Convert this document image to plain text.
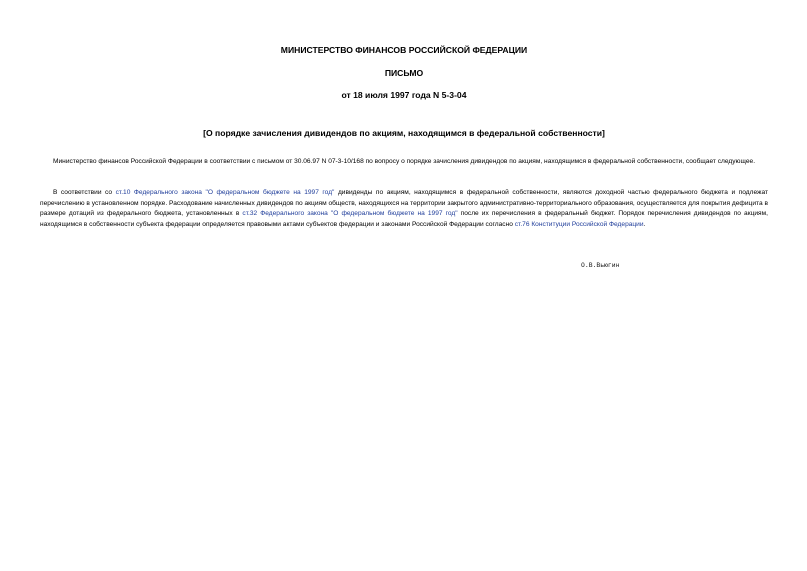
МИНИСТЕРСТВО ФИНАНСОВ РОССИЙСКОЙ ФЕДЕРАЦИИ
ПИСЬМО
от 18 июля 1997 года N 5-3-04
[О порядке зачисления дивидендов по акциям, находящимся в федеральной собственности]
Министерство финансов Российской Федерации в соответствии с письмом от 30.06.97 N 07-3-10/168 по вопросу о порядке зачисления дивидендов по акциям, находящимся в федеральной собственности, сообщает следующее.
В соответствии со ст.10 Федерального закона "О федеральном бюджете на 1997 год" дивиденды по акциям, находящимся в федеральной собственности, являются доходной частью федерального бюджета и подлежат перечислению в установленном порядке. Расходование начисленных дивидендов по акциям обществ, находящихся на территории закрытого административно-территориального образования, осуществляется для покрытия дефицита в размере дотаций из федерального бюджета, установленных в ст.32 Федерального закона "О федеральном бюджете на 1997 год" после их перечисления в федеральный бюджет. Порядок перечисления дивидендов по акциям, находящимся в собственности субъекта федерации определяется правовыми актами субъектов федерации и законами Российской Федерации согласно ст.76 Конституции Российской Федерации.
О.В.Вьюгин
